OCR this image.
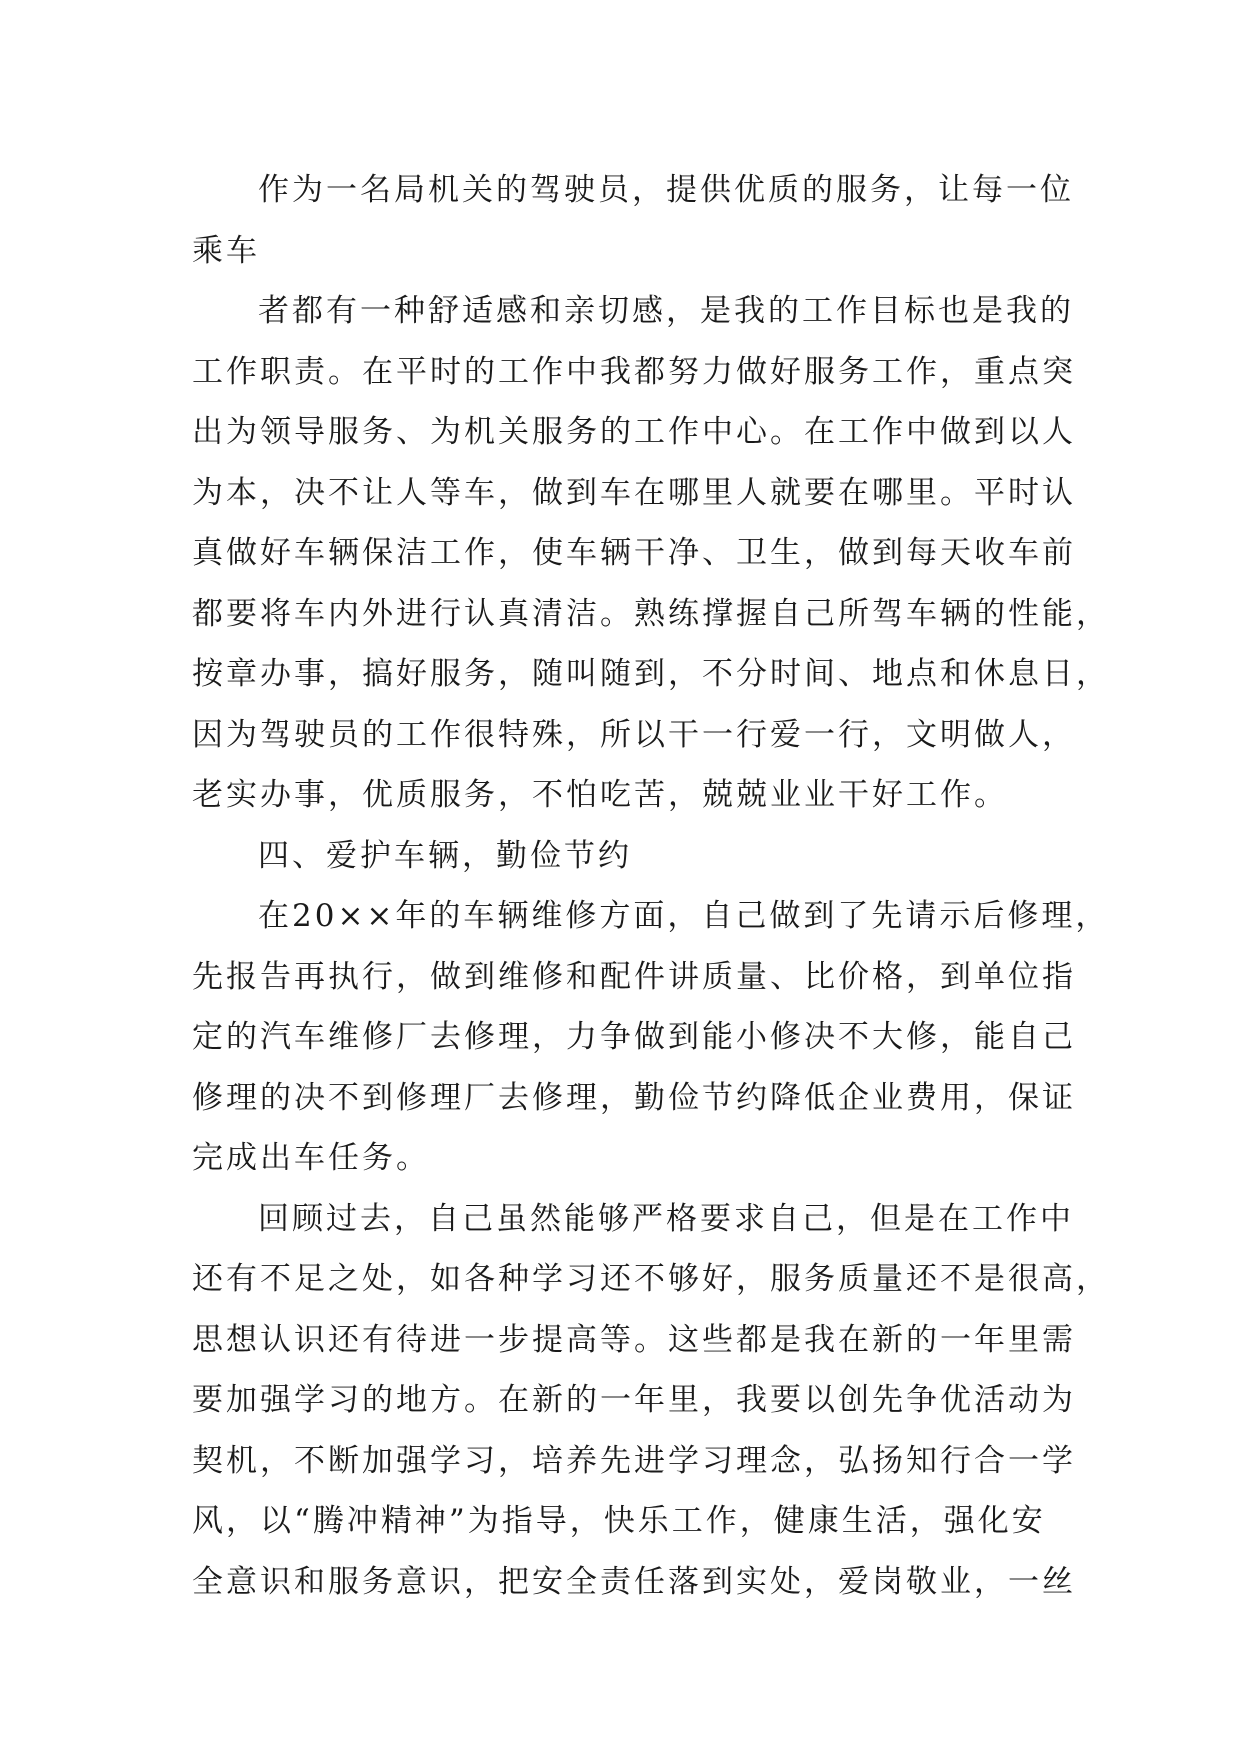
作为一名局机关的驾驶员，提供优质的服务，让每一位
乘车
者都有一种舒适感和亲切感，是我的工作目标也是我的
工作职责。在平时的工作中我都努力做好服务工作，重点突
出为领导服务、为机关服务的工作中心。在工作中做到以人
为本，决不让人等车，做到车在哪里人就要在哪里。平时认
真做好车辆保洁工作，使车辆干净、卫生，做到每天收车前
都要将车内外进行认真清洁。熟练撑握自己所驾车辆的性能，
按章办事，搞好服务，随叫随到，不分时间、地点和休息日，
因为驾驶员的工作很特殊，所以干一行爱一行，文明做人，
老实办事，优质服务，不怕吃苦，兢兢业业干好工作。
四、爱护车辆，勤俭节约
在20××年的车辆维修方面，自己做到了先请示后修理，
先报告再执行，做到维修和配件讲质量、比价格，到单位指
定的汽车维修厂去修理，力争做到能小修决不大修，能自己
修理的决不到修理厂去修理，勤俭节约降低企业费用，保证
完成出车任务。
回顾过去，自己虽然能够严格要求自己，但是在工作中
还有不足之处，如各种学习还不够好，服务质量还不是很高，
思想认识还有待进一步提高等。这些都是我在新的一年里需
要加强学习的地方。在新的一年里，我要以创先争优活动为
契机，不断加强学习，培养先进学习理念，弘扬知行合一学
风，以“腾冲精神”为指导，快乐工作，健康生活，强化安
全意识和服务意识，把安全责任落到实处，爱岗敬业，一丝
